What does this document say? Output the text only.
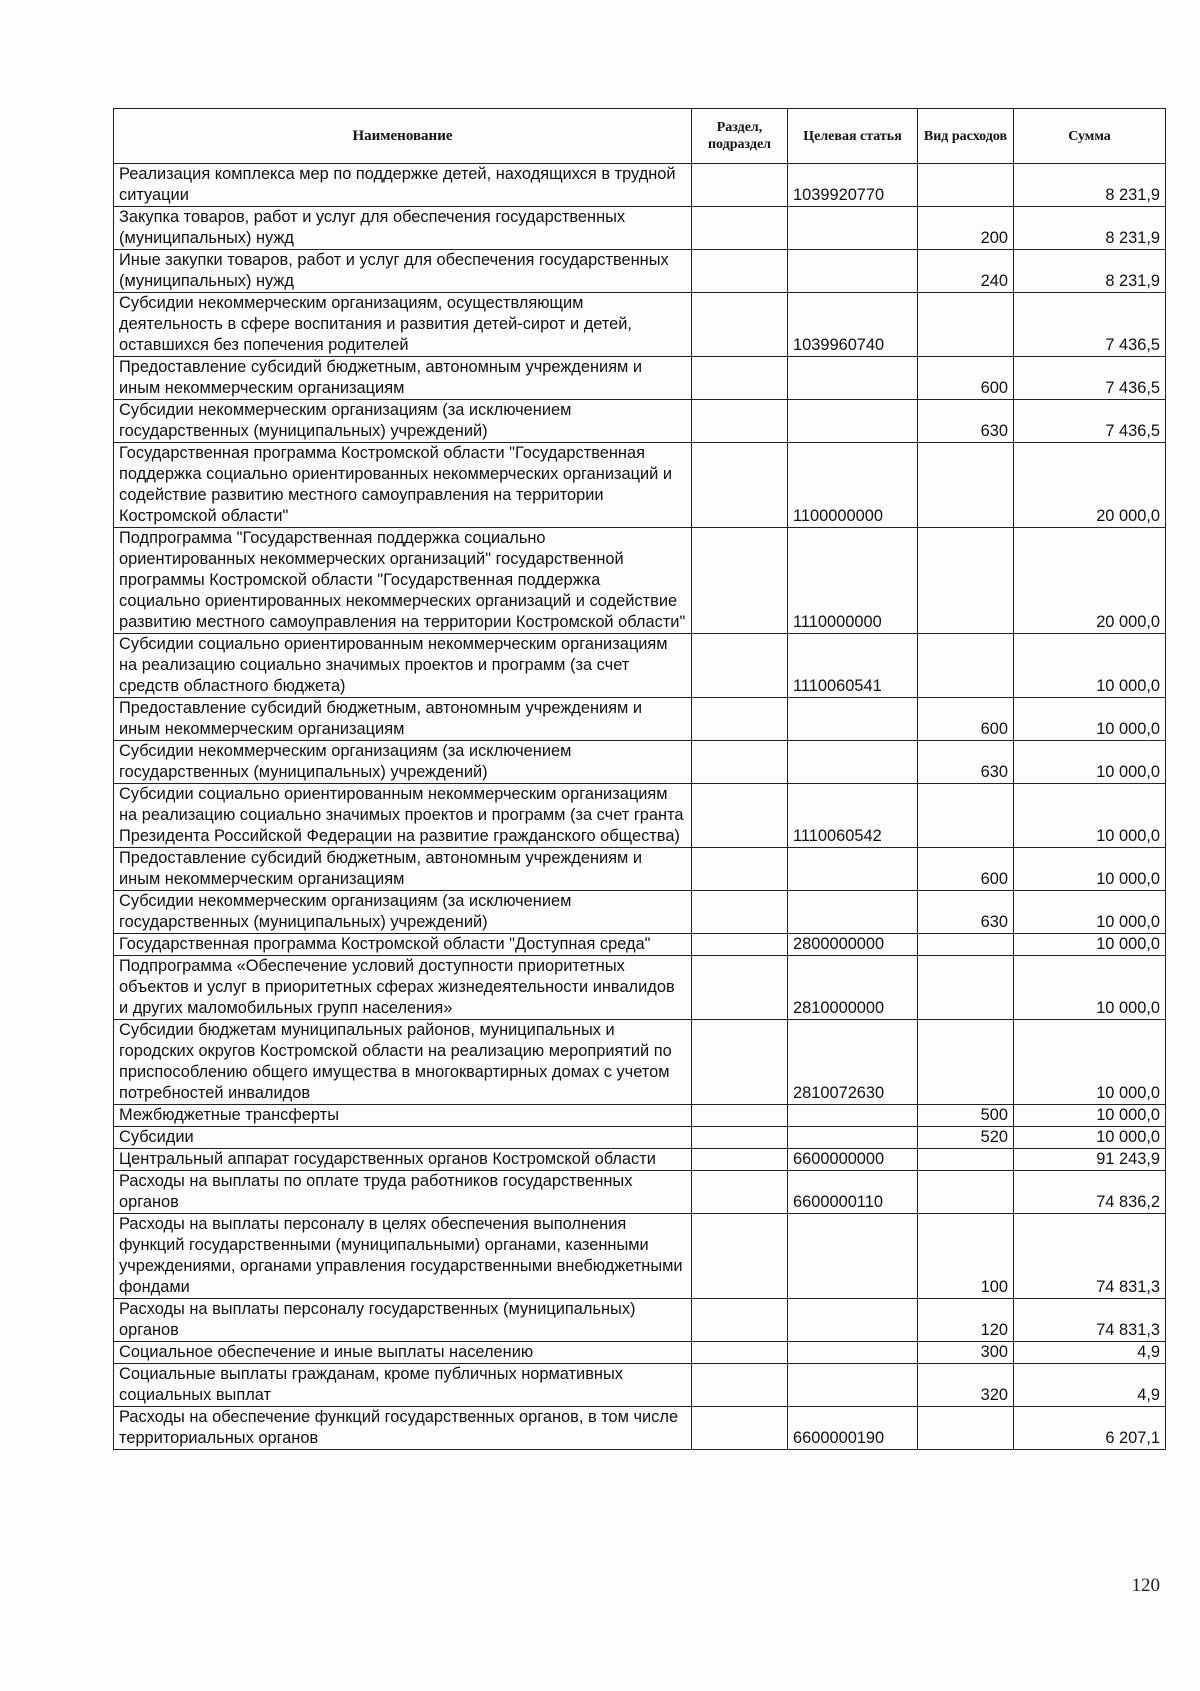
Наименование	Раздел, подраздел	Целевая статья	Вид расходов	Сумма
Реализация комплекса мер по поддержке детей, находящихся в трудной ситуации		1039920770		8 231,9
Закупка товаров, работ и услуг для обеспечения государственных (муниципальных) нужд			200	8 231,9
Иные закупки товаров, работ и услуг для обеспечения государственных (муниципальных) нужд			240	8 231,9
Субсидии некоммерческим организациям, осуществляющим деятельность в сфере воспитания и развития детей-сирот и детей, оставшихся без попечения родителей		1039960740		7 436,5
Предоставление субсидий бюджетным, автономным учреждениям и иным некоммерческим организациям			600	7 436,5
Субсидии некоммерческим организациям (за исключением государственных (муниципальных) учреждений)			630	7 436,5
Государственная программа Костромской области "Государственная поддержка социально ориентированных некоммерческих организаций и содействие развитию местного самоуправления на территории Костромской области"		1100000000		20 000,0
Подпрограмма "Государственная поддержка социально ориентированных некоммерческих организаций" государственной программы Костромской области "Государственная поддержка социально ориентированных некоммерческих организаций и содействие развитию местного самоуправления на территории Костромской области"		1110000000		20 000,0
Субсидии социально ориентированным некоммерческим организациям на реализацию социально значимых проектов и программ (за счет средств областного бюджета)		1110060541		10 000,0
Предоставление субсидий бюджетным, автономным учреждениям и иным некоммерческим организациям			600	10 000,0
Субсидии некоммерческим организациям (за исключением государственных (муниципальных) учреждений)			630	10 000,0
Субсидии социально ориентированным некоммерческим организациям на реализацию социально значимых проектов и программ (за счет гранта Президента Российской Федерации на развитие гражданского общества)		1110060542		10 000,0
Предоставление субсидий бюджетным, автономным учреждениям и иным некоммерческим организациям			600	10 000,0
Субсидии некоммерческим организациям (за исключением государственных (муниципальных) учреждений)			630	10 000,0
Государственная программа Костромской области "Доступная среда"		2800000000		10 000,0
Подпрограмма «Обеспечение условий доступности приоритетных объектов и услуг в приоритетных сферах жизнедеятельности инвалидов и других маломобильных групп населения»		2810000000		10 000,0
Субсидии бюджетам муниципальных районов, муниципальных и городских округов Костромской области на реализацию мероприятий по приспособлению общего имущества в многоквартирных домах с учетом потребностей инвалидов		2810072630		10 000,0
Межбюджетные трансферты			500	10 000,0
Субсидии			520	10 000,0
Центральный аппарат государственных органов Костромской области		6600000000		91 243,9
Расходы на выплаты по оплате труда работников государственных органов		6600000110		74 836,2
Расходы на выплаты персоналу в целях обеспечения выполнения функций государственными (муниципальными) органами, казенными учреждениями, органами управления государственными внебюджетными фондами			100	74 831,3
Расходы на выплаты персоналу государственных (муниципальных) органов			120	74 831,3
Социальное обеспечение и иные выплаты населению			300	4,9
Социальные выплаты гражданам, кроме публичных нормативных социальных выплат			320	4,9
Расходы на обеспечение функций государственных органов, в том числе территориальных органов		6600000190		6 207,1
120
